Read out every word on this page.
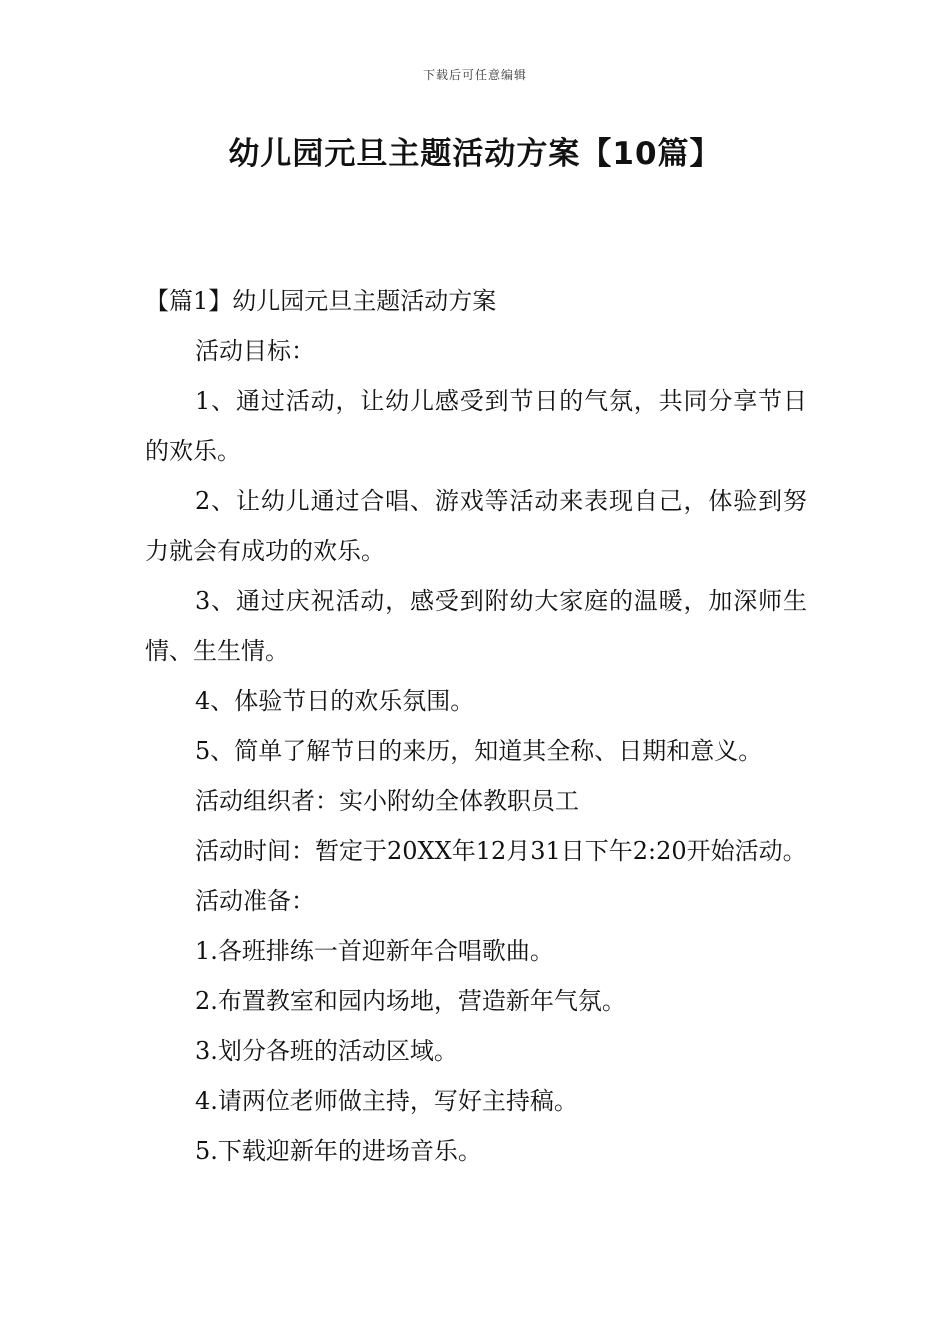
下载后可任意编辑
幼儿园元旦主题活动方案【10篇】

【篇1】幼儿园元旦主题活动方案

活动目标：

1、通过活动，让幼儿感受到节日的气氛，共同分享节日的欢乐。

2、让幼儿通过合唱、游戏等活动来表现自己，体验到努力就会有成功的欢乐。

3、通过庆祝活动，感受到附幼大家庭的温暖，加深师生情、生生情。

4、体验节日的欢乐氛围。

5、简单了解节日的来历，知道其全称、日期和意义。

活动组织者：实小附幼全体教职员工

活动时间：暂定于20XX年12月31日下午2:20开始活动。

活动准备：

1.各班排练一首迎新年合唱歌曲。

2.布置教室和园内场地，营造新年气氛。

3.划分各班的活动区域。

4.请两位老师做主持，写好主持稿。

5.下载迎新年的进场音乐。
